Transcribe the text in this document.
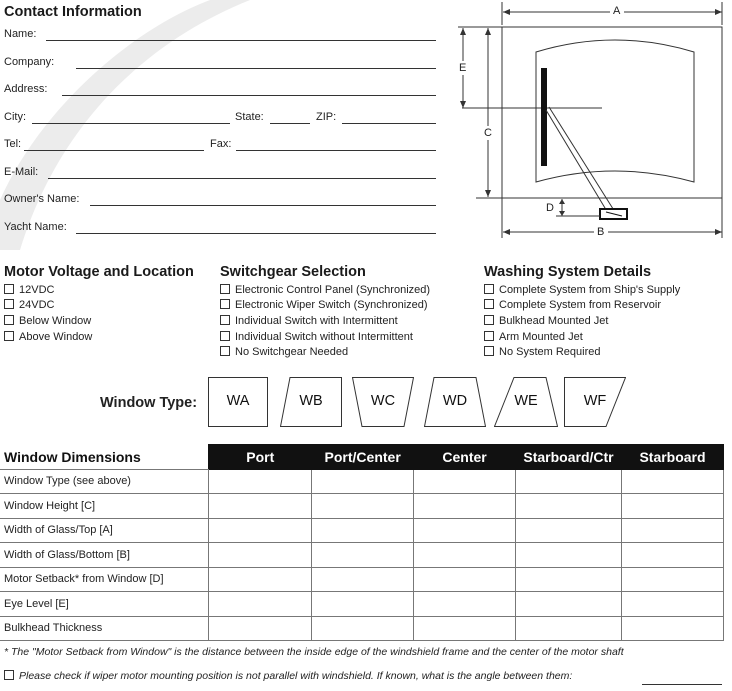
Contact Information
Name:
Company:
Address:
City:	State:	ZIP:
Tel:	Fax:
E-Mail:
Owner's Name:
Yacht Name:
A
E
C
D
B
Motor Voltage and Location
12VDC
24VDC
Below Window
Above Window
Switchgear Selection
Electronic Control Panel (Synchronized)
Electronic Wiper Switch (Synchronized)
Individual Switch with Intermittent
Individual Switch without Intermittent
No Switchgear Needed
Washing System Details
Complete System from Ship's Supply
Complete System from Reservoir
Bulkhead Mounted Jet
Arm Mounted Jet
No System Required
Window Type:	WA	WB	WC	WD	WE	WF
Window Dimensions	Port	Port/Center	Center	Starboard/Ctr	Starboard
Window Type (see above)					
Window Height [C]					
Width of Glass/Top [A]					
Width of Glass/Bottom [B]					
Motor Setback* from Window [D]					
Eye Level [E]					
Bulkhead Thickness					
* The "Motor Setback from Window" is the distance between the inside edge of the windshield frame and the center of the motor shaft
Please check if wiper motor mounting position is not parallel with windshield. If known, what is the angle between them:
